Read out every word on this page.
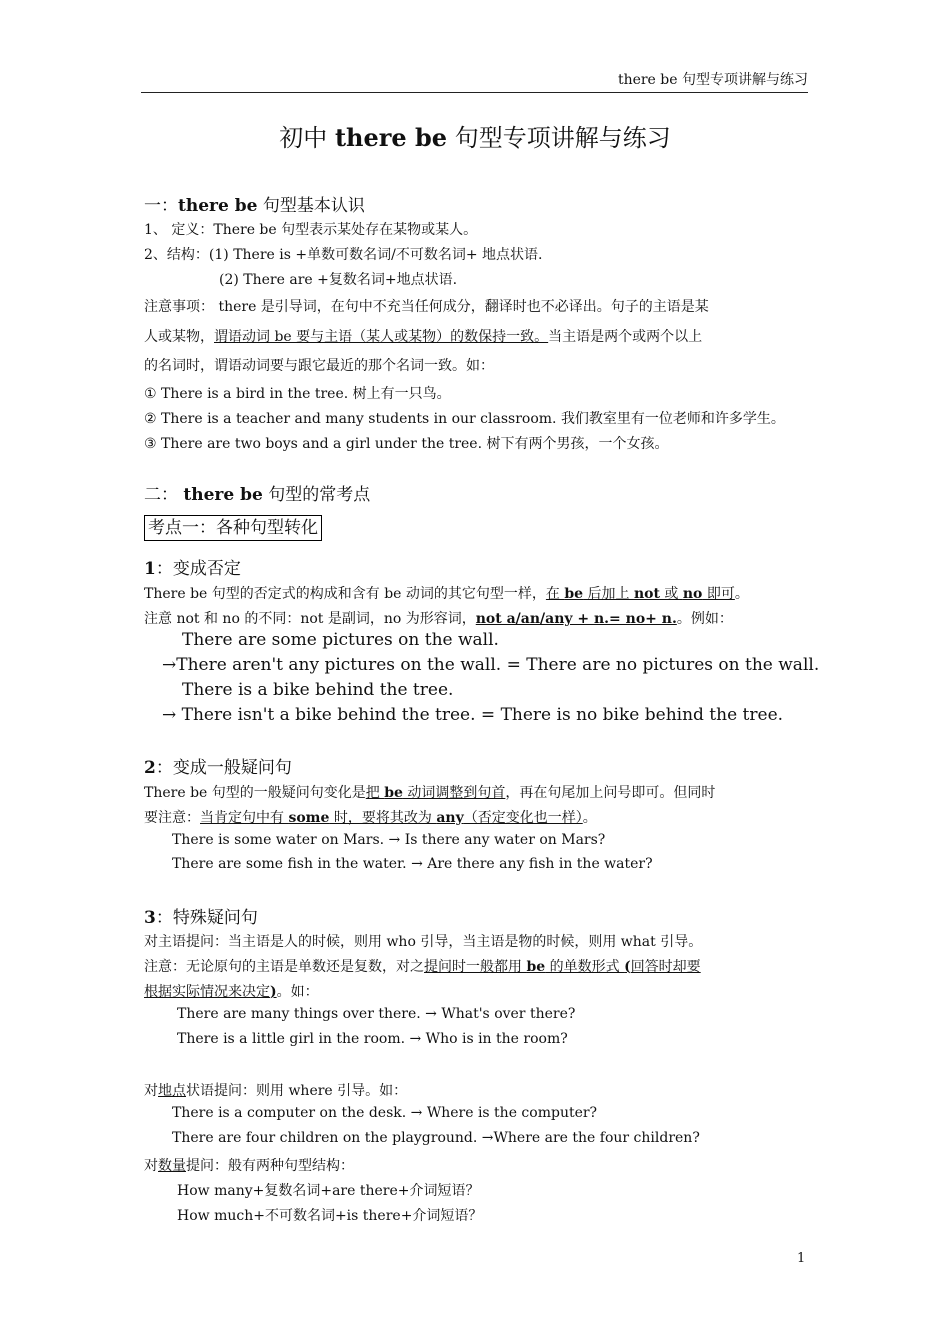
there be 句型专项讲解与练习
初中 there be 句型专项讲解与练习
一：there be 句型基本认识
1、 定义：There be 句型表示某处存在某物或某人。
2、结构：(1) There is +单数可数名词/不可数名词+ 地点状语.
(2) There are +复数名词+地点状语.
注意事项： there 是引导词，在句中不充当任何成分，翻译时也不必译出。句子的主语是某
人或某物，谓语动词 be 要与主语（某人或某物）的数保持一致。当主语是两个或两个以上
的名词时，谓语动词要与跟它最近的那个名词一致。如：
① There is a bird in the tree. 树上有一只鸟。
② There is a teacher and many students in our classroom. 我们教室里有一位老师和许多学生。
③ There are two boys and a girl under the tree. 树下有两个男孩，一个女孩。
二： there be 句型的常考点
考点一：各种句型转化
1：变成否定
There be 句型的否定式的构成和含有 be 动词的其它句型一样，在 be 后加上 not 或 no 即可。
注意 not 和 no 的不同：not 是副词，no 为形容词，not a/an/any + n.= no+ n.。例如：
There are some pictures on the wall.
→There aren't any pictures on the wall. = There are no pictures on the wall.
There is a bike behind the tree.
→ There isn't a bike behind the tree. = There is no bike behind the tree.
2：变成一般疑问句
There be 句型的一般疑问句变化是把 be 动词调整到句首，再在句尾加上问号即可。但同时
要注意：当肯定句中有 some 时，要将其改为 any（否定变化也一样）。
There is some water on Mars. → Is there any water on Mars?
There are some fish in the water. → Are there any fish in the water?
3：特殊疑问句
对主语提问：当主语是人的时候，则用 who 引导，当主语是物的时候，则用 what 引导。
注意：无论原句的主语是单数还是复数，对之提问时一般都用 be 的单数形式 (回答时却要
根据实际情况来决定)。如：
There are many things over there. → What's over there?
There is a little girl in the room. → Who is in the room?
对地点状语提问：则用 where 引导。如：
There is a computer on the desk. → Where is the computer?
There are four children on the playground. →Where are the four children?
对数量提问：般有两种句型结构：
How many+复数名词+are there+介词短语？
How much+不可数名词+is there+介词短语？
1
